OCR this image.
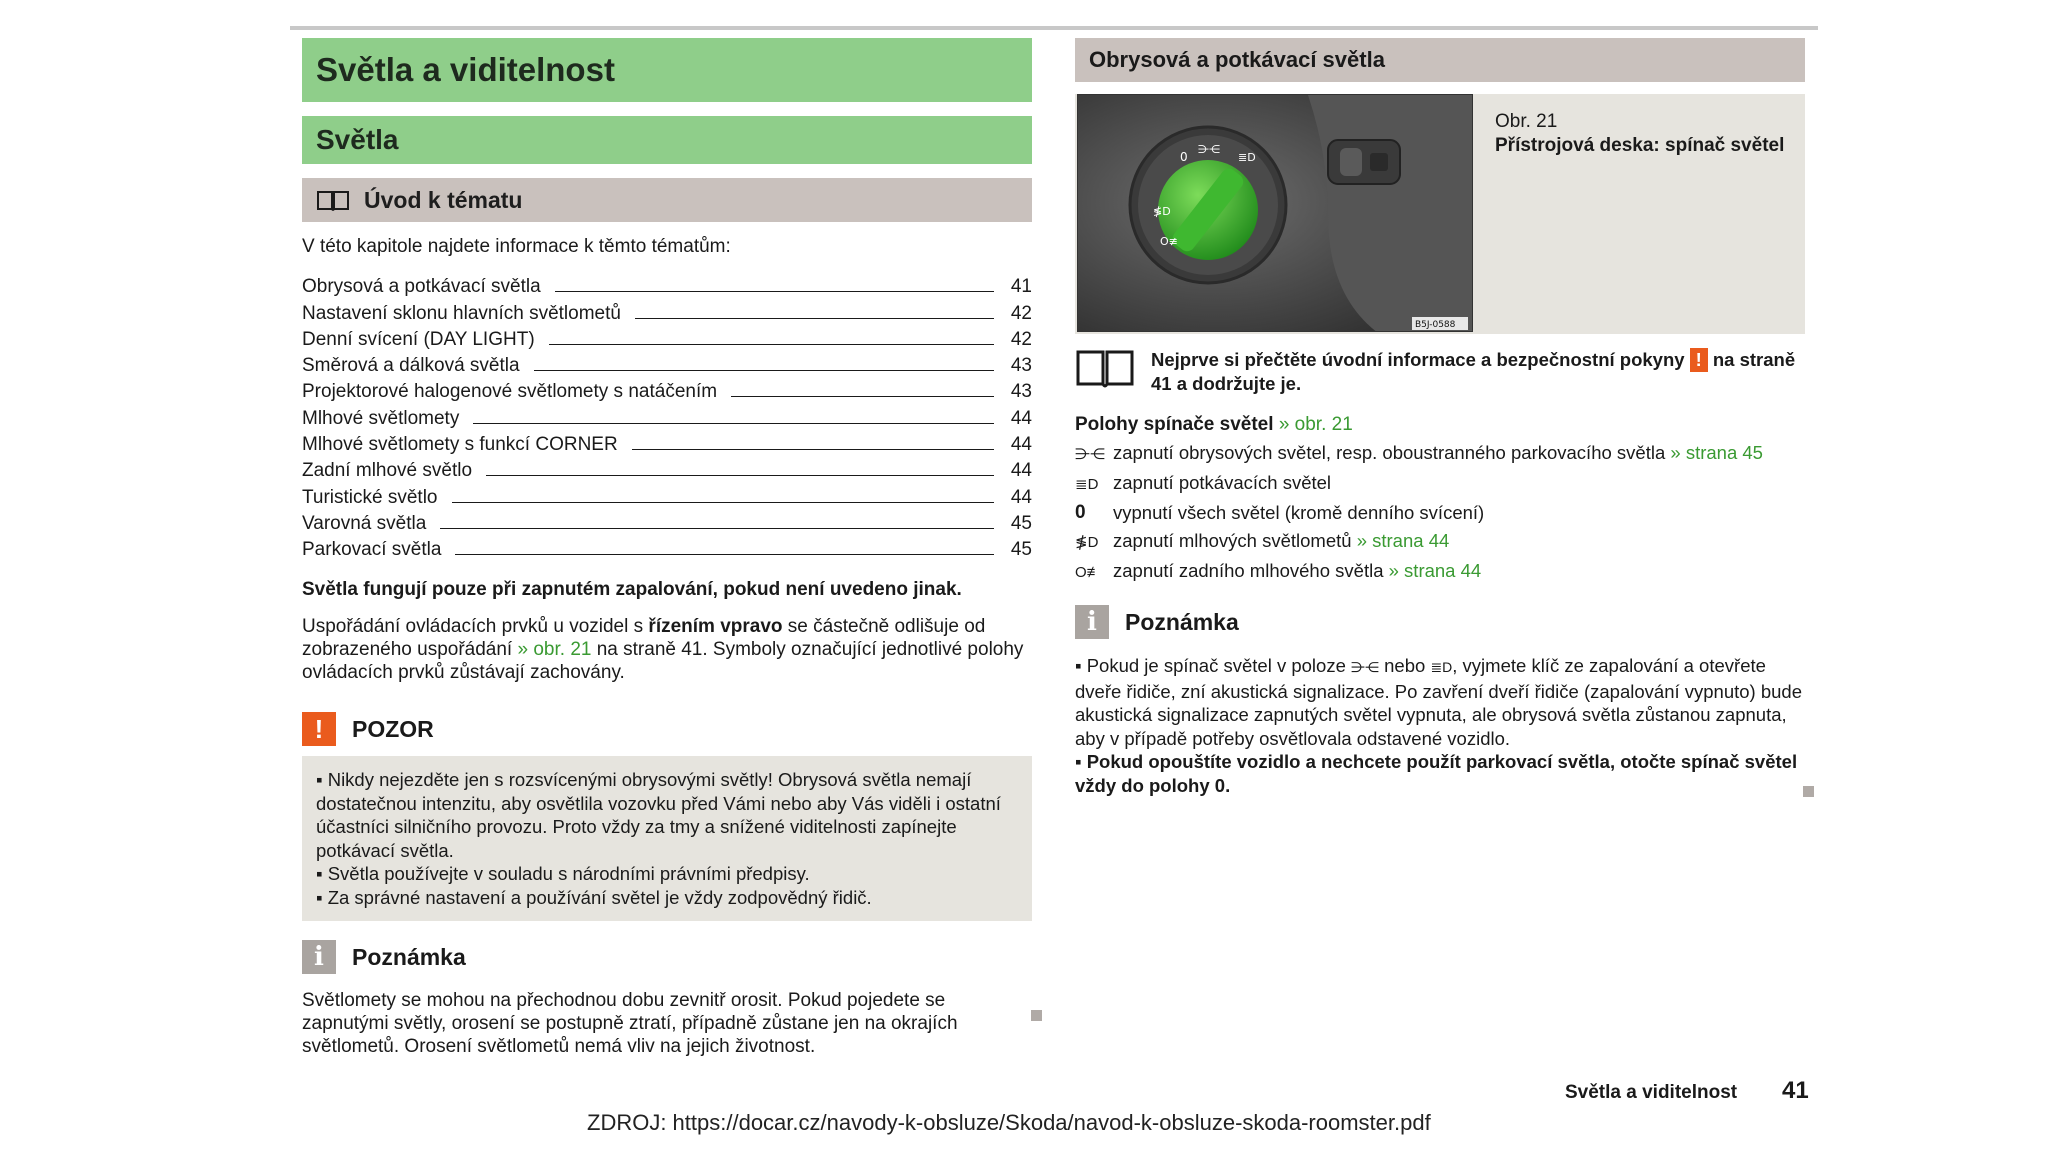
Světla a viditelnost
Světla
Úvod k tématu
V této kapitole najdete informace k těmto tématům:
Obrysová a potkávací světla	41
Nastavení sklonu hlavních světlometů	42
Denní svícení (DAY LIGHT)	42
Směrová a dálková světla	43
Projektorové halogenové světlomety s natáčením	43
Mlhové světlomety	44
Mlhové světlomety s funkcí CORNER	44
Zadní mlhové světlo	44
Turistické světlo	44
Varovná světla	45
Parkovací světla	45
Světla fungují pouze při zapnutém zapalování, pokud není uvedeno jinak.
Uspořádání ovládacích prvků u vozidel s řízením vpravo se částečně odlišuje od zobrazeného uspořádání » obr. 21 na straně 41. Symboly označující jednotlivé polohy ovládacích prvků zůstávají zachovány.
!	POZOR
▪ Nikdy nejezděte jen s rozsvícenými obrysovými světly! Obrysová světla nemají dostatečnou intenzitu, aby osvětlila vozovku před Vámi nebo aby Vás viděli i ostatní účastníci silničního provozu. Proto vždy za tmy a snížené viditelnosti zapínejte potkávací světla.
▪ Světla používejte v souladu s národními právními předpisy.
▪ Za správné nastavení a používání světel je vždy zodpovědný řidič.
i	Poznámka
Světlomety se mohou na přechodnou dobu zevnitř orosit. Pokud pojedete se zapnutými světly, orosení se postupně ztratí, případně zůstane jen na okrajích světlometů. Orosení světlometů nemá vliv na jejich životnost.
Obrysová a potkávací světla
0
⋺⋲
≣D
≸D
O≢
B5J-0588
Obr. 21
Přístrojová deska: spínač světel
Nejprve si přečtěte úvodní informace a bezpečnostní pokyny ! na straně 41 a dodržujte je.
Polohy spínače světel » obr. 21
⋺⋲ zapnutí obrysových světel, resp. oboustranného parkovacího světla » strana 45
≣D zapnutí potkávacích světel
0	vypnutí všech světel (kromě denního svícení)
≸D zapnutí mlhových světlometů » strana 44
O≢ zapnutí zadního mlhového světla » strana 44
i	Poznámka
▪ Pokud je spínač světel v poloze ⋺⋲ nebo ≣D, vyjmete klíč ze zapalování a otevřete dveře řidiče, zní akustická signalizace. Po zavření dveří řidiče (zapalování vypnuto) bude akustická signalizace zapnutých světel vypnuta, ale obrysová světla zůstanou zapnuta, aby v případě potřeby osvětlovala odstavené vozidlo.
▪ Pokud opouštíte vozidlo a nechcete použít parkovací světla, otočte spínač světel vždy do polohy 0.
Světla a viditelnost 41
ZDROJ: https://docar.cz/navody-k-obsluze/Skoda/navod-k-obsluze-skoda-roomster.pdf
